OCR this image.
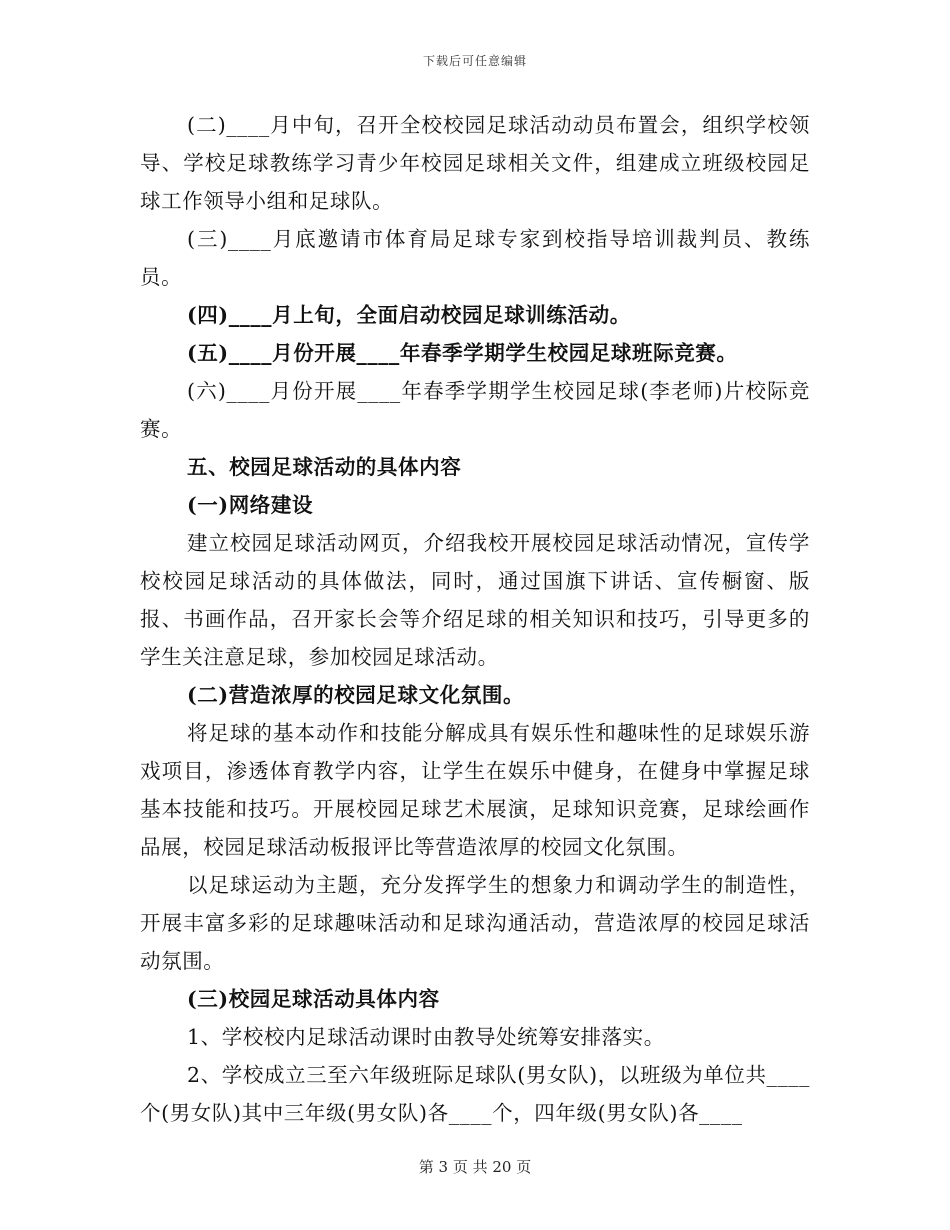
下载后可任意编辑

(二)____月中旬，召开全校校园足球活动动员布置会，组织学校领导、学校足球教练学习青少年校园足球相关文件，组建成立班级校园足球工作领导小组和足球队。

(三)____月底邀请市体育局足球专家到校指导培训裁判员、教练员。

(四)____月上旬，全面启动校园足球训练活动。

(五)____月份开展____年春季学期学生校园足球班际竞赛。

(六)____月份开展____年春季学期学生校园足球(李老师)片校际竞赛。

五、校园足球活动的具体内容

(一)网络建设

建立校园足球活动网页，介绍我校开展校园足球活动情况，宣传学校校园足球活动的具体做法，同时，通过国旗下讲话、宣传橱窗、版报、书画作品，召开家长会等介绍足球的相关知识和技巧，引导更多的学生关注意足球，参加校园足球活动。

(二)营造浓厚的校园足球文化氛围。

将足球的基本动作和技能分解成具有娱乐性和趣味性的足球娱乐游戏项目，渗透体育教学内容，让学生在娱乐中健身，在健身中掌握足球基本技能和技巧。开展校园足球艺术展演，足球知识竞赛，足球绘画作品展，校园足球活动板报评比等营造浓厚的校园文化氛围。

以足球运动为主题，充分发挥学生的想象力和调动学生的制造性，开展丰富多彩的足球趣味活动和足球沟通活动，营造浓厚的校园足球活动氛围。

(三)校园足球活动具体内容

1、学校校内足球活动课时由教导处统筹安排落实。

2、学校成立三至六年级班际足球队(男女队)，以班级为单位共____个(男女队)其中三年级(男女队)各____个，四年级(男女队)各____

第 3 页 共 20 页
